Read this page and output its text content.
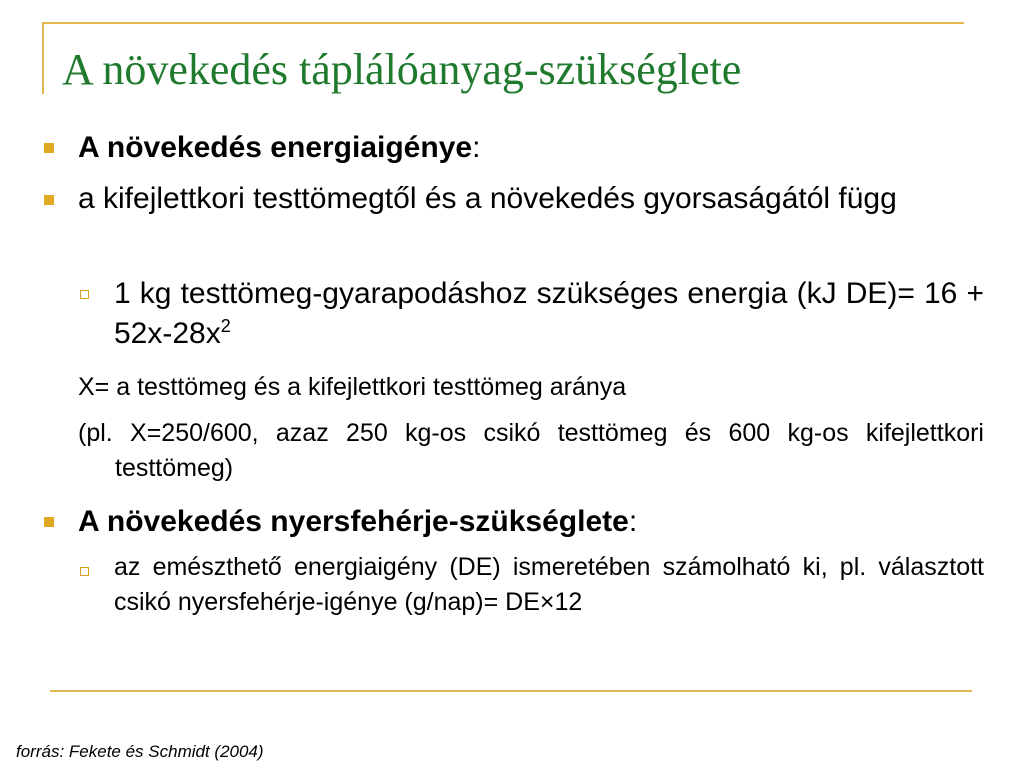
A növekedés táplálóanyag-szükséglete

A növekedés energiaigénye:

a kifejlettkori testtömegtől és a növekedés gyorsaságától függ

1 kg testtömeg-gyarapodáshoz szükséges energia (kJ $DE)= 16 + 52x-28x^2$

X= a testtömeg és a kifejlettkori testtömeg aránya

(pl. X=250/600, azaz 250 kg-os csikó testtömeg és 600 kg-os kifejlettkori testtömeg)

A növekedés nyersfehérje-szükséglete:

az emészthető energiaigény (DE) ismeretében számolható ki, pl. választott csikó nyersfehérje-igénye (g/nap)= DE×12

forrás: Fekete és Schmidt (2004)
